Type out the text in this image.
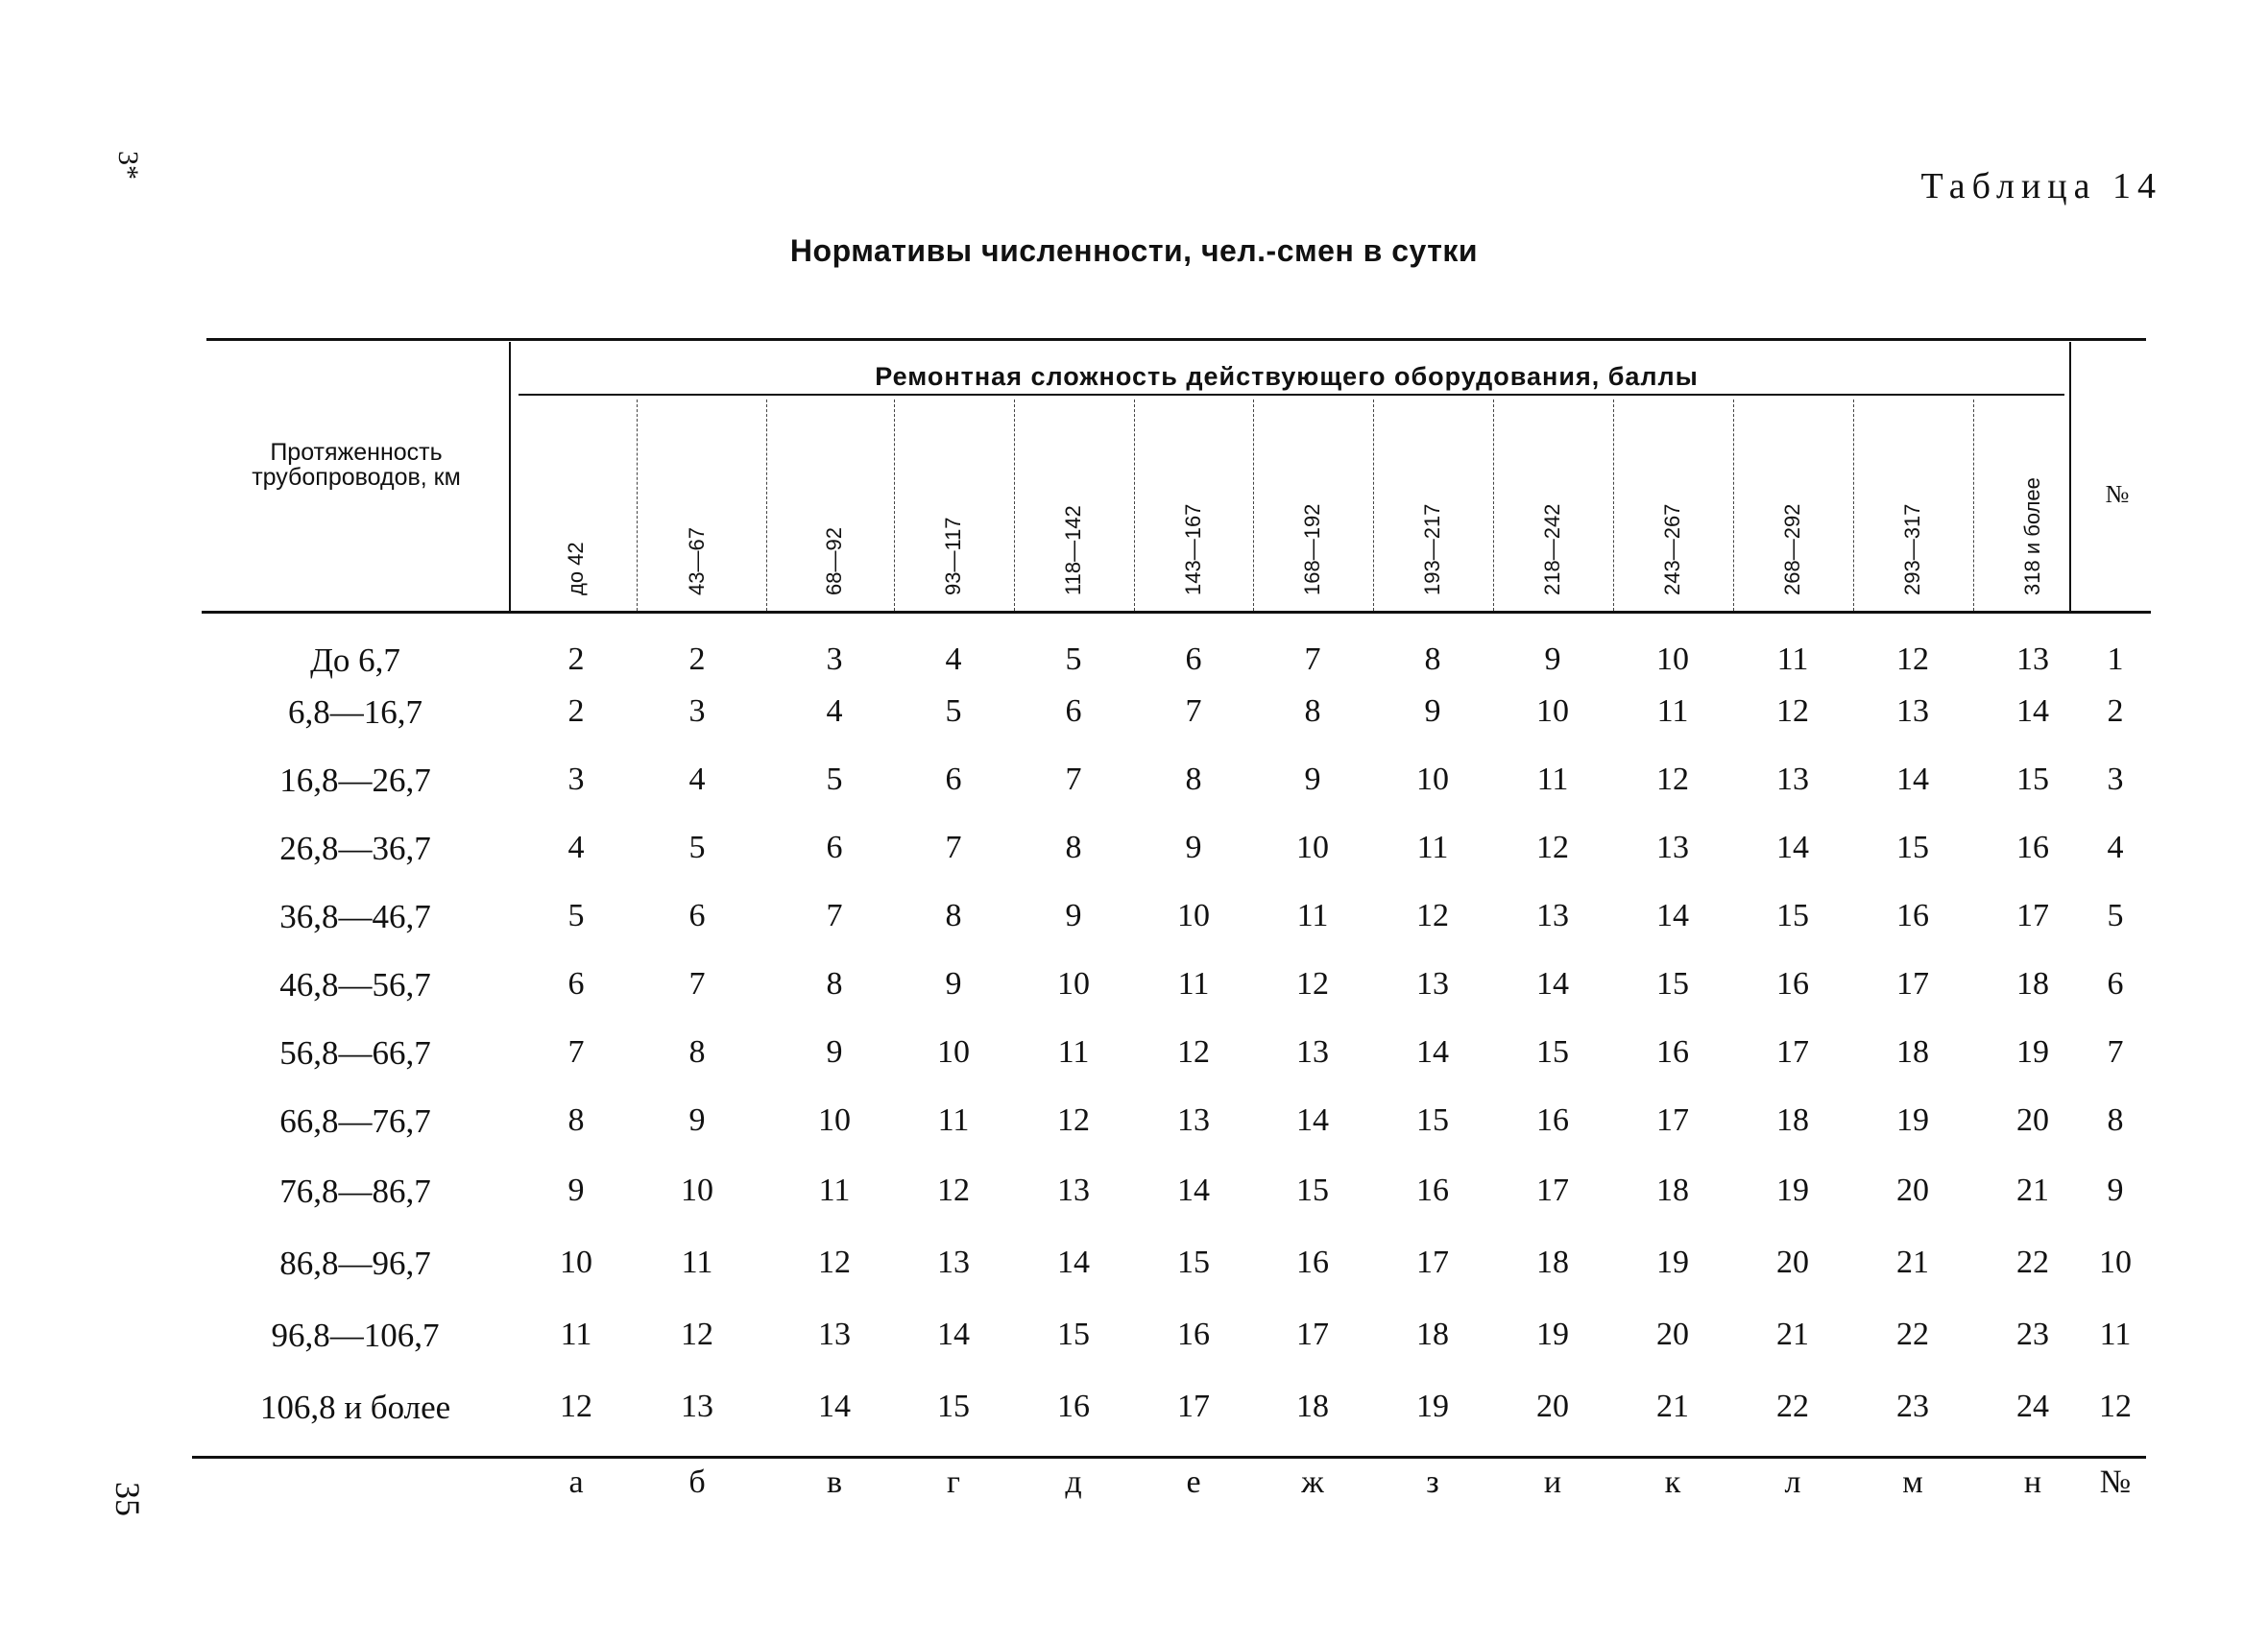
3*
35
Таблица 14
Нормативы численности, чел.-смен в сутки
Протяженность трубопроводов, км
Ремонтная сложность действующего оборудования, баллы
№
до 42	43—67	68—92	93—117	118—142	143—167	168—192	193—217	218—242	243—267	268—292	293—317	318 и более
До 6,7	2	2	3	4	5	6	7	8	9	10	11	12	13	1
6,8—16,7	2	3	4	5	6	7	8	9	10	11	12	13	14	2
16,8—26,7	3	4	5	6	7	8	9	10	11	12	13	14	15	3
26,8—36,7	4	5	6	7	8	9	10	11	12	13	14	15	16	4
36,8—46,7	5	6	7	8	9	10	11	12	13	14	15	16	17	5
46,8—56,7	6	7	8	9	10	11	12	13	14	15	16	17	18	6
56,8—66,7	7	8	9	10	11	12	13	14	15	16	17	18	19	7
66,8—76,7	8	9	10	11	12	13	14	15	16	17	18	19	20	8
76,8—86,7	9	10	11	12	13	14	15	16	17	18	19	20	21	9
86,8—96,7	10	11	12	13	14	15	16	17	18	19	20	21	22	10
96,8—106,7	11	12	13	14	15	16	17	18	19	20	21	22	23	11
106,8 и более	12	13	14	15	16	17	18	19	20	21	22	23	24	12
а	б	в	г	д	е	ж	з	и	к	л	м	н	№
